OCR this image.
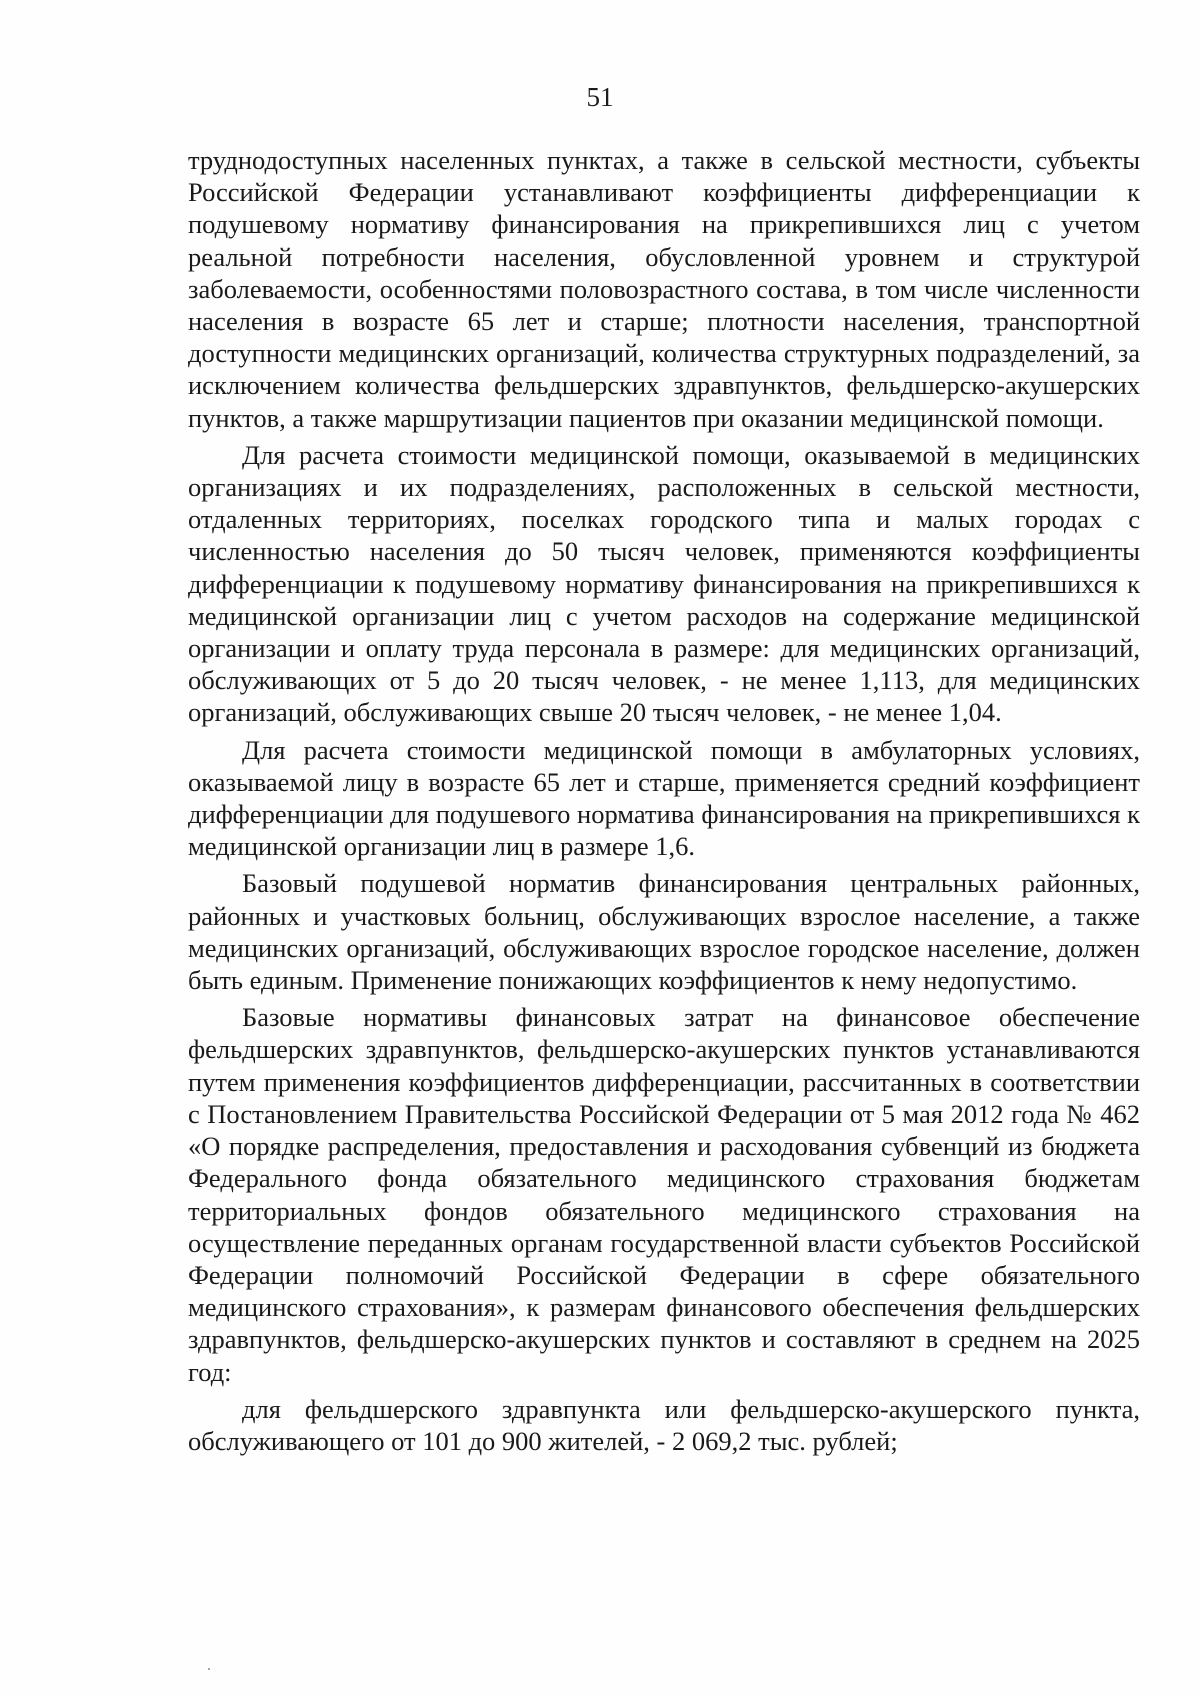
51

труднодоступных населенных пунктах, а также в сельской местности, субъекты Российской Федерации устанавливают коэффициенты дифференциации к подушевому нормативу финансирования на прикрепившихся лиц с учетом реальной потребности населения, обусловленной уровнем и структурой заболеваемости, особенностями половозрастного состава, в том числе численности населения в возрасте 65 лет и старше; плотности населения, транспортной доступности медицинских организаций, количества структурных подразделений, за исключением количества фельдшерских здравпунктов, фельдшерско-акушерских пунктов, а также маршрутизации пациентов при оказании медицинской помощи.

Для расчета стоимости медицинской помощи, оказываемой в медицинских организациях и их подразделениях, расположенных в сельской местности, отдаленных территориях, поселках городского типа и малых городах с численностью населения до 50 тысяч человек, применяются коэффициенты дифференциации к подушевому нормативу финансирования на прикрепившихся к медицинской организации лиц с учетом расходов на содержание медицинской организации и оплату труда персонала в размере: для медицинских организаций, обслуживающих от 5 до 20 тысяч человек, - не менее 1,113, для медицинских организаций, обслуживающих свыше 20 тысяч человек, - не менее 1,04.

Для расчета стоимости медицинской помощи в амбулаторных условиях, оказываемой лицу в возрасте 65 лет и старше, применяется средний коэффициент дифференциации для подушевого норматива финансирования на прикрепившихся к медицинской организации лиц в размере 1,6.

Базовый подушевой норматив финансирования центральных районных, районных и участковых больниц, обслуживающих взрослое население, а также медицинских организаций, обслуживающих взрослое городское население, должен быть единым. Применение понижающих коэффициентов к нему недопустимо.

Базовые нормативы финансовых затрат на финансовое обеспечение фельдшерских здравпунктов, фельдшерско-акушерских пунктов устанавливаются путем применения коэффициентов дифференциации, рассчитанных в соответствии с Постановлением Правительства Российской Федерации от 5 мая 2012 года № 462 «О порядке распределения, предоставления и расходования субвенций из бюджета Федерального фонда обязательного медицинского страхования бюджетам территориальных фондов обязательного медицинского страхования на осуществление переданных органам государственной власти субъектов Российской Федерации полномочий Российской Федерации в сфере обязательного медицинского страхования», к размерам финансового обеспечения фельдшерских здравпунктов, фельдшерско-акушерских пунктов и составляют в среднем на 2025 год:

для фельдшерского здравпункта или фельдшерско-акушерского пункта, обслуживающего от 101 до 900 жителей, - 2 069,2 тыс. рублей;
